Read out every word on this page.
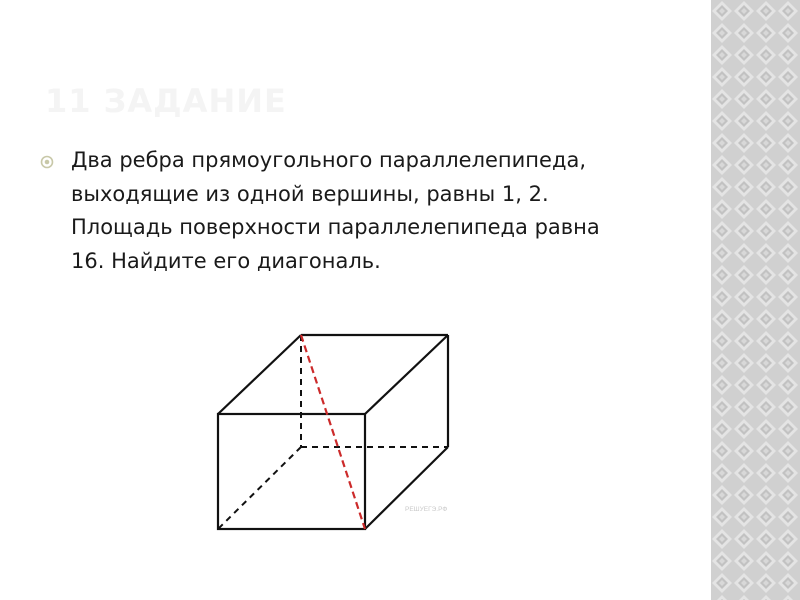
11 ЗАДАНИЕ
Два ребра прямоугольного параллелепипеда, выходящие из одной вершины, равны 1, 2. Площадь поверхности параллелепипеда равна 16. Найдите его диагональ.
РЕШУЕГЭ.РФ
